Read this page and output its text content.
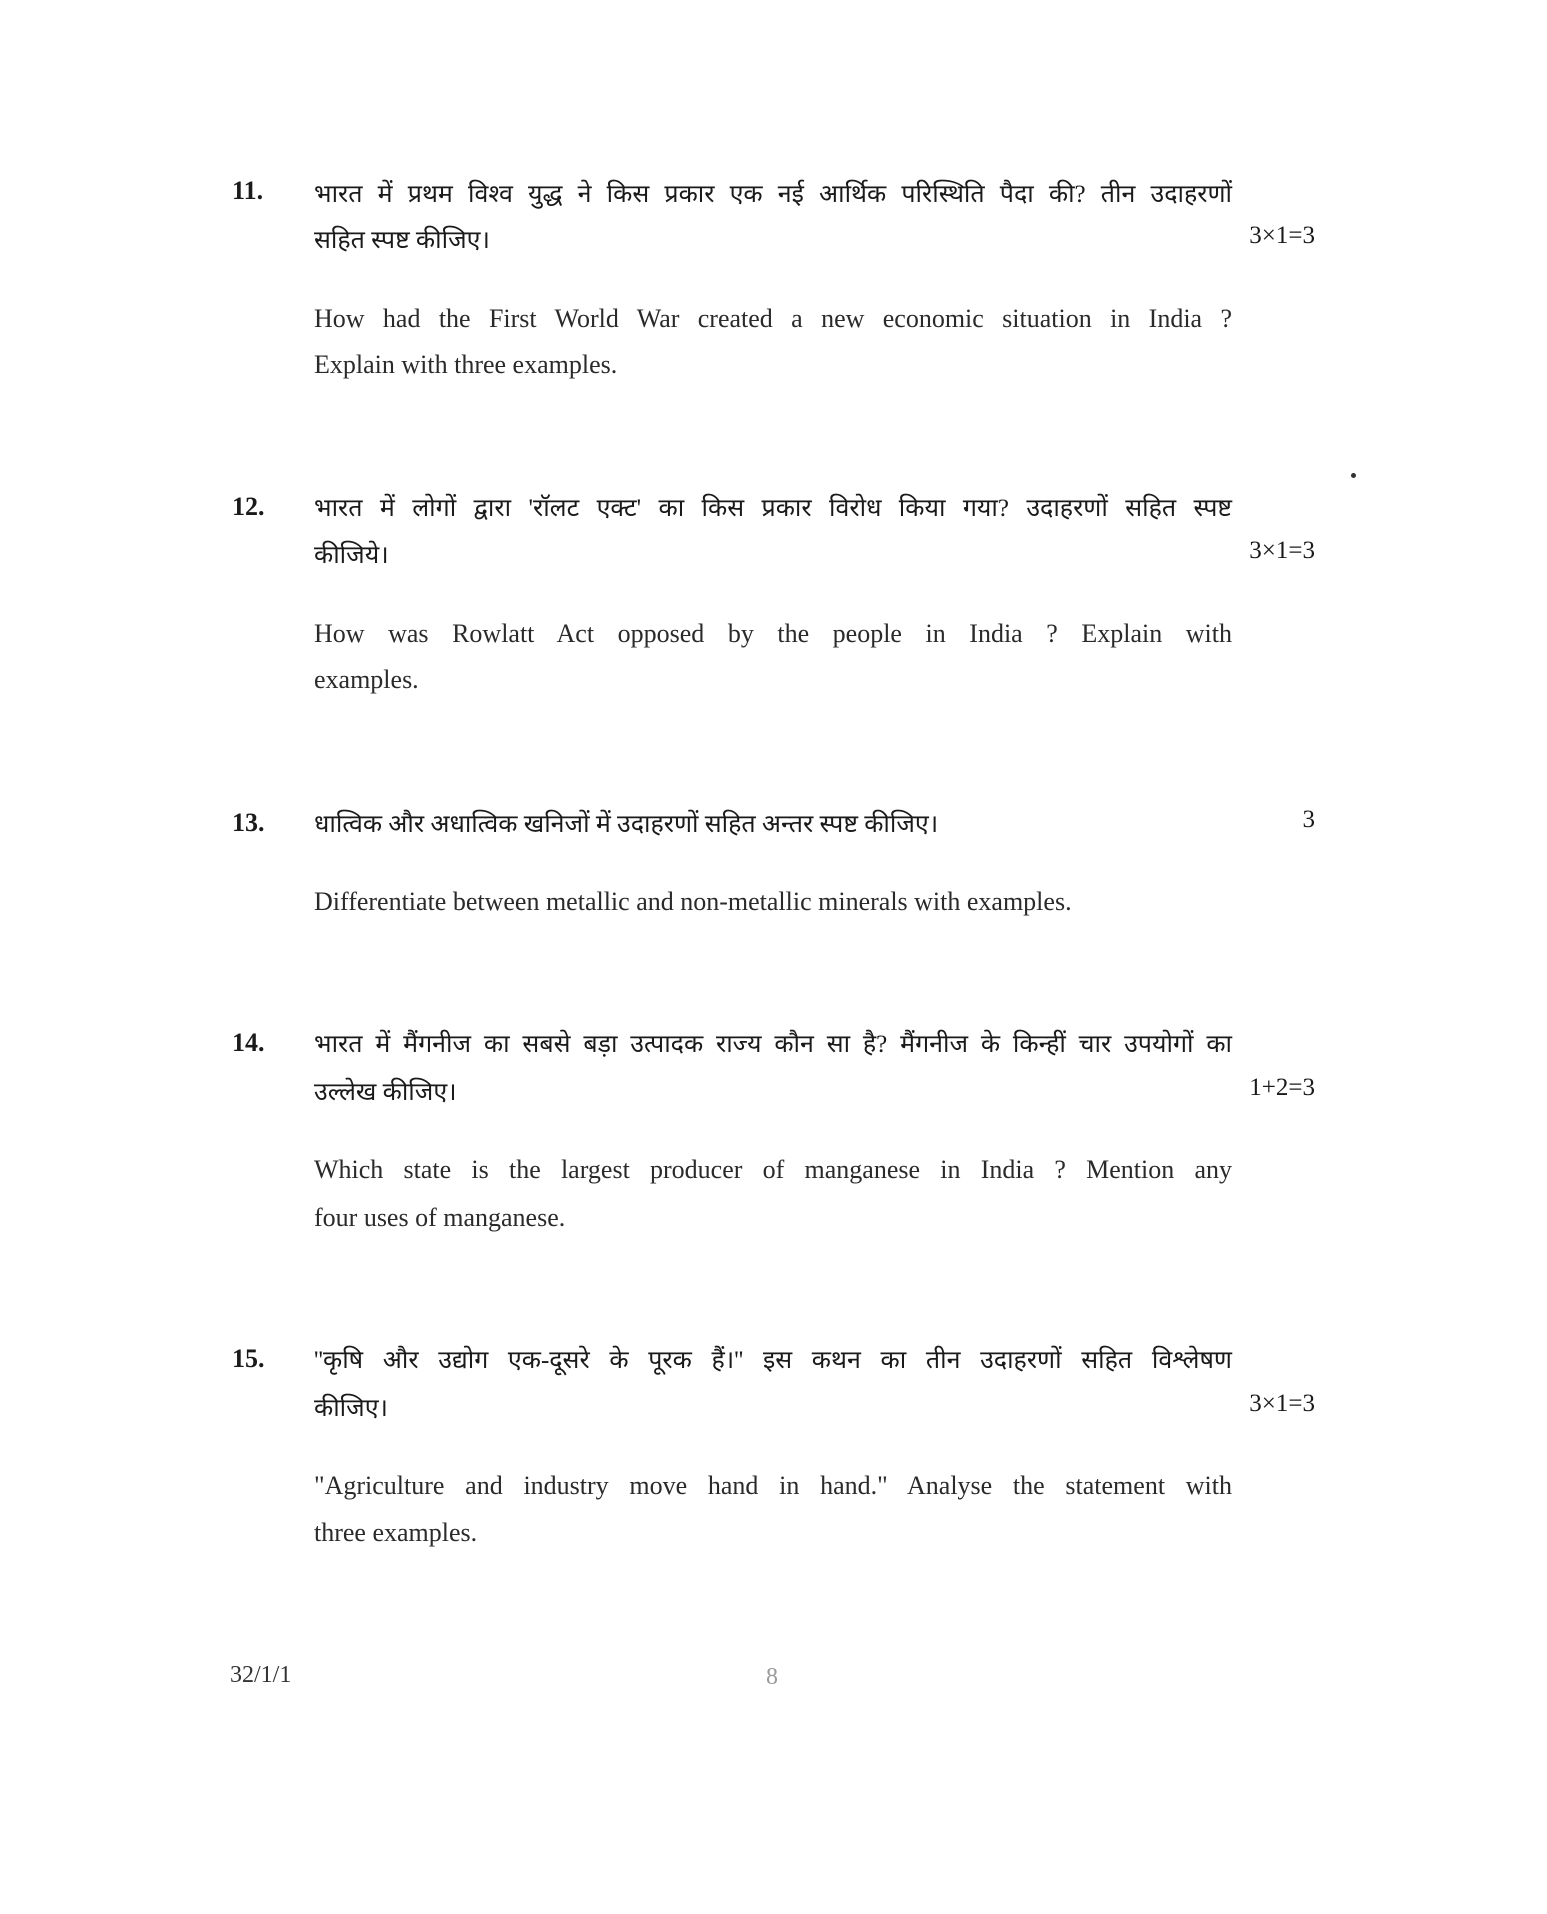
11. भारत में प्रथम विश्व युद्ध ने किस प्रकार एक नई आर्थिक परिस्थिति पैदा की? तीन उदाहरणों
सहित स्पष्ट कीजिए।	3×1=3
How had the First World War created a new economic situation in India ?
Explain with three examples.
12. भारत में लोगों द्वारा 'रॉलट एक्ट' का किस प्रकार विरोध किया गया? उदाहरणों सहित स्पष्ट
कीजिये।	3×1=3
How was Rowlatt Act opposed by the people in India ? Explain with
examples.
13. धात्विक और अधात्विक खनिजों में उदाहरणों सहित अन्तर स्पष्ट कीजिए।	3
Differentiate between metallic and non-metallic minerals with examples.
14. भारत में मैंगनीज का सबसे बड़ा उत्पादक राज्य कौन सा है? मैंगनीज के किन्हीं चार उपयोगों का
उल्लेख कीजिए।	1+2=3
Which state is the largest producer of manganese in India ? Mention any
four uses of manganese.
15. ''कृषि और उद्योग एक-दूसरे के पूरक हैं।'' इस कथन का तीन उदाहरणों सहित विश्लेषण
कीजिए।	3×1=3
"Agriculture and industry move hand in hand." Analyse the statement with
three examples.
32/1/1	8
